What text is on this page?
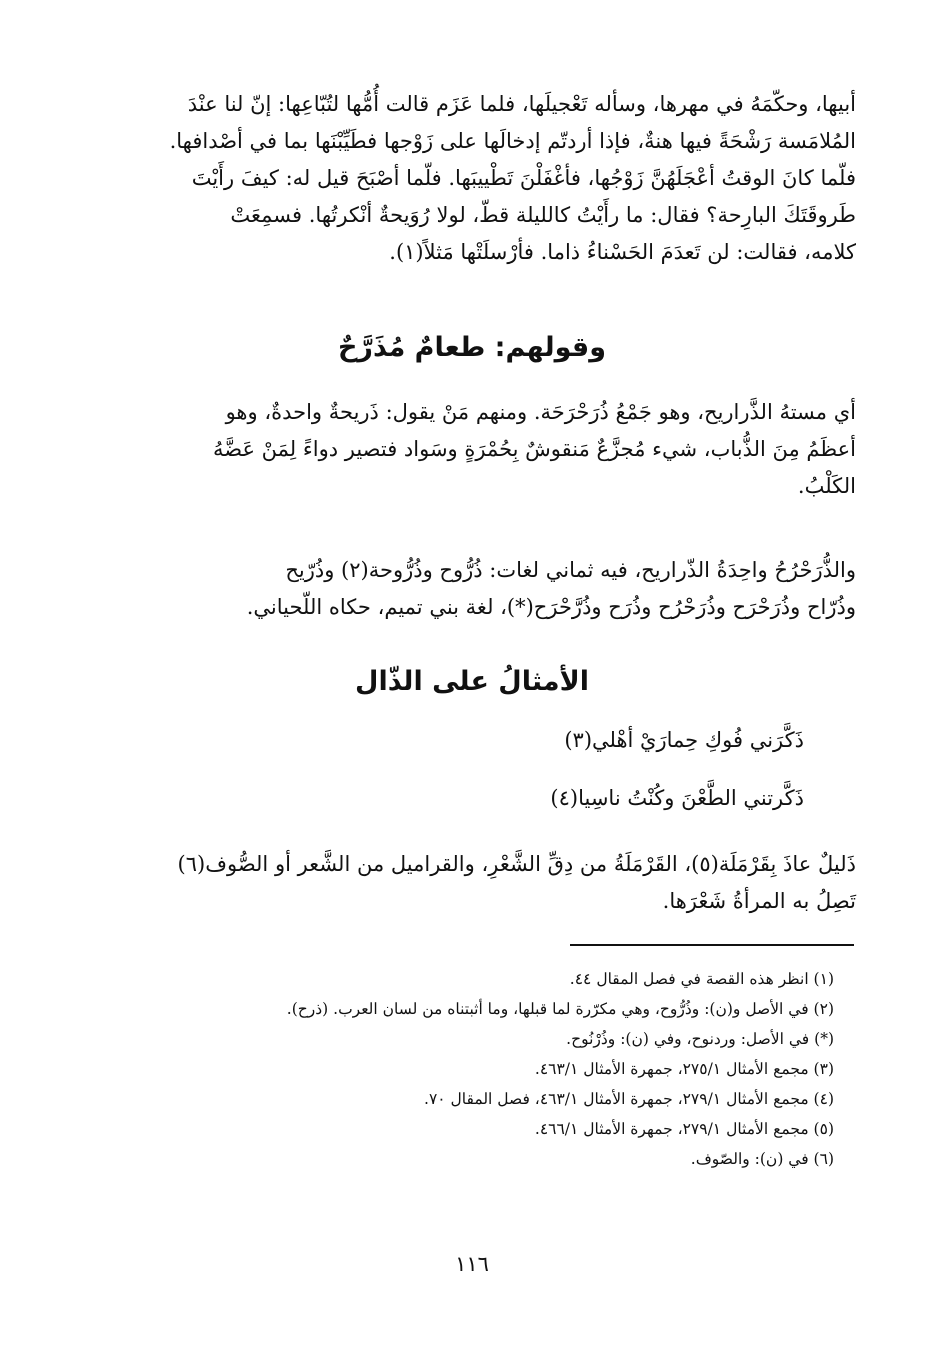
أبيها، وحكّمَهُ في مهرها، وسأله تَعْجيلَها، فلما عَزَم قالت أُمُّها لتُبّاعِها: إنّ لنا عنْدَ
المُلامَسة رَشْحَةً فيها هنةٌ، فإذا أردتّم إدخالَها على زَوْجها فطَيِّبْنَها بما في أصْدافها.
فلّما كانَ الوقتُ أعْجَلَهُنَّ زَوْجُها، فأغْفَلْنَ تَطْييبَها. فلّما أصْبَحَ قيل له: كيفَ رأَيْتَ
طَروقَتَكَ البارِحة؟ فقال: ما رأَيْتُ كالليلة قطّ، لولا رُوَيحةٌ أنْكرتُها. فسمِعَتْ
كلامه، فقالت: لن تَعدَمَ الحَسْناءُ ذاما. فأرْسلَتْها مَثلاً(١).
وقولهم: طعامٌ مُذَرَّحٌ
أي مستهُ الذَّراريح، وهو جَمْعُ ذُرَحْرَحَة. ومنهم مَنْ يقول: ذَريحةٌ واحدةٌ، وهو
أعظَمُ مِنَ الذُّباب، شيء مُجزَّعٌ مَنقوشٌ بِحُمْرَةٍ وسَواد فتصير دواءً لِمَنْ عَضَّهُ
الكَلْبُ.
والذُّرَحْرُحُ واحِدَةُ الذّراريح، فيه ثماني لغات: ذُرُّوح وذُرُّوحة(٢) وذُرّيح
وذُرّاح وذُرَحْرَح وذُرَحْرُح وذُرَح وذُرَّحْرَح(*)، لغة بني تميم، حكاه اللّحياني.
الأمثالُ على الذّال
ذَكَّرَني فُوكِ حِمارَيْ أهْلي(٣)
ذَكَّرتني الطَّعْنَ وكُنْتُ ناسِيا(٤)
ذَليلٌ عاذَ بِقَرْمَلَة(٥)، القَرْمَلَةُ من دِقِّ الشَّعْرِ، والقراميل من الشَّعر أو الصُّوف(٦)
تَصِلُ به المرأةُ شَعْرَها.
(١) انظر هذه القصة في فصل المقال ٤٤.
(٢) في الأصل و(ن): وذُرُّوح، وهي مكرّرة لما قبلها، وما أثبتناه من لسان العرب. (ذرح).
(*) في الأصل: وردنوح، وفي (ن): وذُرْنُوح.
(٣) مجمع الأمثال ٢٧٥/١، جمهرة الأمثال ٤٦٣/١.
(٤) مجمع الأمثال ٢٧٩/١، جمهرة الأمثال ٤٦٣/١، فصل المقال ٧٠.
(٥) مجمع الأمثال ٢٧٩/١، جمهرة الأمثال ٤٦٦/١.
(٦) في (ن): والصّوف.
١١٦
